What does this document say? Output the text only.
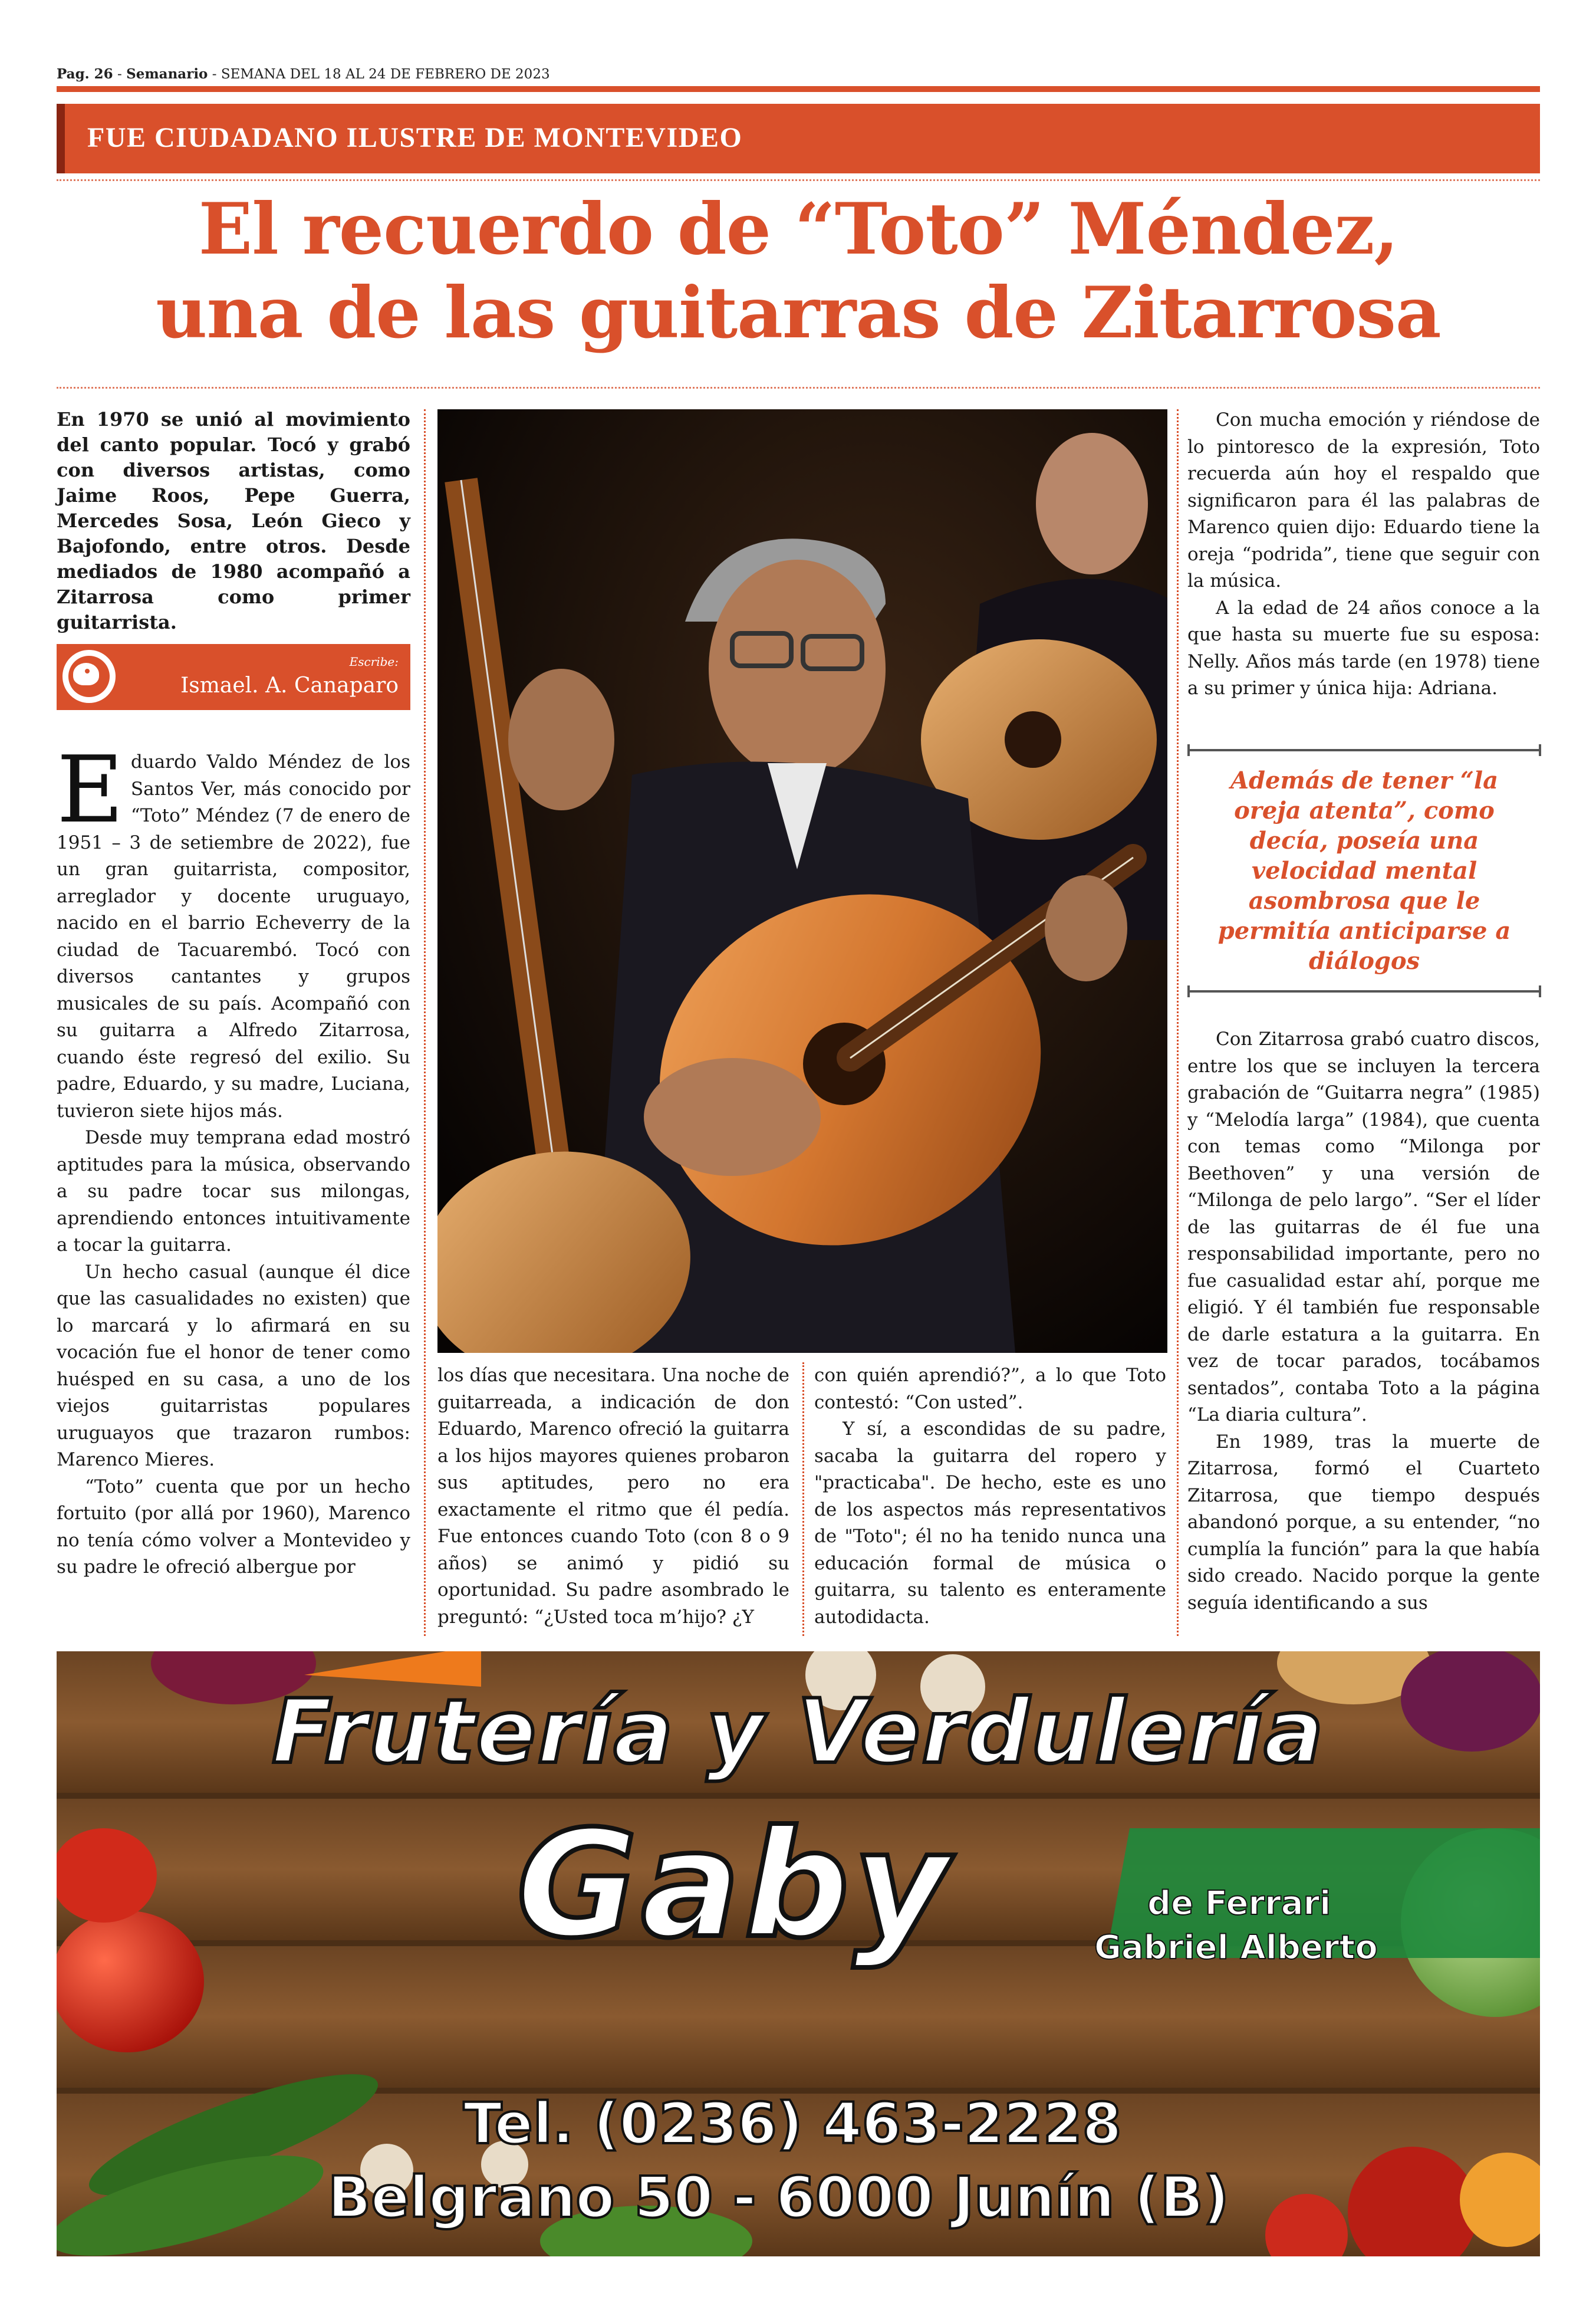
Pag. 26 - Semanario - SEMANA DEL 18 AL 24 DE FEBRERO DE 2023
FUE CIUDADANO ILUSTRE DE MONTEVIDEO
El recuerdo de “Toto” Méndez,
una de las guitarras de Zitarrosa
En 1970 se unió al movimiento del canto popular. Tocó y grabó con diversos artistas, como Jaime Roos, Pepe Guerra, Mercedes Sosa, León Gieco y Bajofondo, entre otros. Desde mediados de 1980 acompañó a Zitarrosa como primer guitarrista.
Escribe:
Ismael. A. Canaparo

Eduardo Valdo Méndez de los Santos Ver, más conocido por “Toto” Méndez (7 de enero de 1951 – 3 de setiembre de 2022), fue un gran guitarrista, compositor, arreglador y docente uruguayo, nacido en el barrio Echeverry de la ciudad de Tacuarembó. Tocó con diversos cantantes y grupos musicales de su país. Acompañó con su guitarra a Alfredo Zitarrosa, cuando éste regresó del exilio. Su padre, Eduardo, y su madre, Luciana, tuvieron siete hijos más.

Desde muy temprana edad mostró aptitudes para la música, observando a su padre tocar sus milongas, aprendiendo entonces intuitivamente a tocar la guitarra.

Un hecho casual (aunque él dice que las casualidades no existen) que lo marcará y lo afirmará en su vocación fue el honor de tener como huésped en su casa, a uno de los viejos guitarristas populares uruguayos que trazaron rumbos: Marenco Mieres.

“Toto” cuenta que por un hecho fortuito (por allá por 1960), Marenco no tenía cómo volver a Montevideo y su padre le ofreció albergue por

los días que necesitara. Una noche de guitarreada, a indicación de don Eduardo, Marenco ofreció la guitarra a los hijos mayores quienes probaron sus aptitudes, pero no era exactamente el ritmo que él pedía. Fue entonces cuando Toto (con 8 o 9 años) se animó y pidió su oportunidad. Su padre asombrado le preguntó: “¿Usted toca m’hijo? ¿Y

con quién aprendió?”, a lo que Toto contestó: “Con usted”.

Y sí, a escondidas de su padre, sacaba la guitarra del ropero y "practicaba". De hecho, este es uno de los aspectos más representativos de "Toto"; él no ha tenido nunca una educación formal de música o guitarra, su talento es enteramente autodidacta.

Con mucha emoción y riéndose de lo pintoresco de la expresión, Toto recuerda aún hoy el respaldo que significaron para él las palabras de Marenco quien dijo: Eduardo tiene la oreja “podrida”, tiene que seguir con la música.

A la edad de 24 años conoce a la que hasta su muerte fue su esposa: Nelly. Años más tarde (en 1978) tiene a su primer y única hija: Adriana.

Además de tener “la oreja atenta”, como decía, poseía una velocidad mental asombrosa que le permitía anticiparse a diálogos

Con Zitarrosa grabó cuatro discos, entre los que se incluyen la tercera grabación de “Guitarra negra” (1985) y “Melodía larga” (1984), que cuenta con temas como “Milonga por Beethoven” y una versión de “Milonga de pelo largo”. “Ser el líder de las guitarras de él fue una responsabilidad importante, pero no fue casualidad estar ahí, porque me eligió. Y él también fue responsable de darle estatura a la guitarra. En vez de tocar parados, tocábamos sentados”, contaba Toto a la página “La diaria cultura”.

En 1989, tras la muerte de Zitarrosa, formó el Cuarteto Zitarrosa, que tiempo después abandonó porque, a su entender, “no cumplía la función” para la que había sido creado. Nacido porque la gente seguía identificando a sus

Frutería y Verdulería
Gaby	de Ferrari
Gabriel Alberto
Tel. (0236) 463-2228
Belgrano 50 - 6000 Junín (B)
